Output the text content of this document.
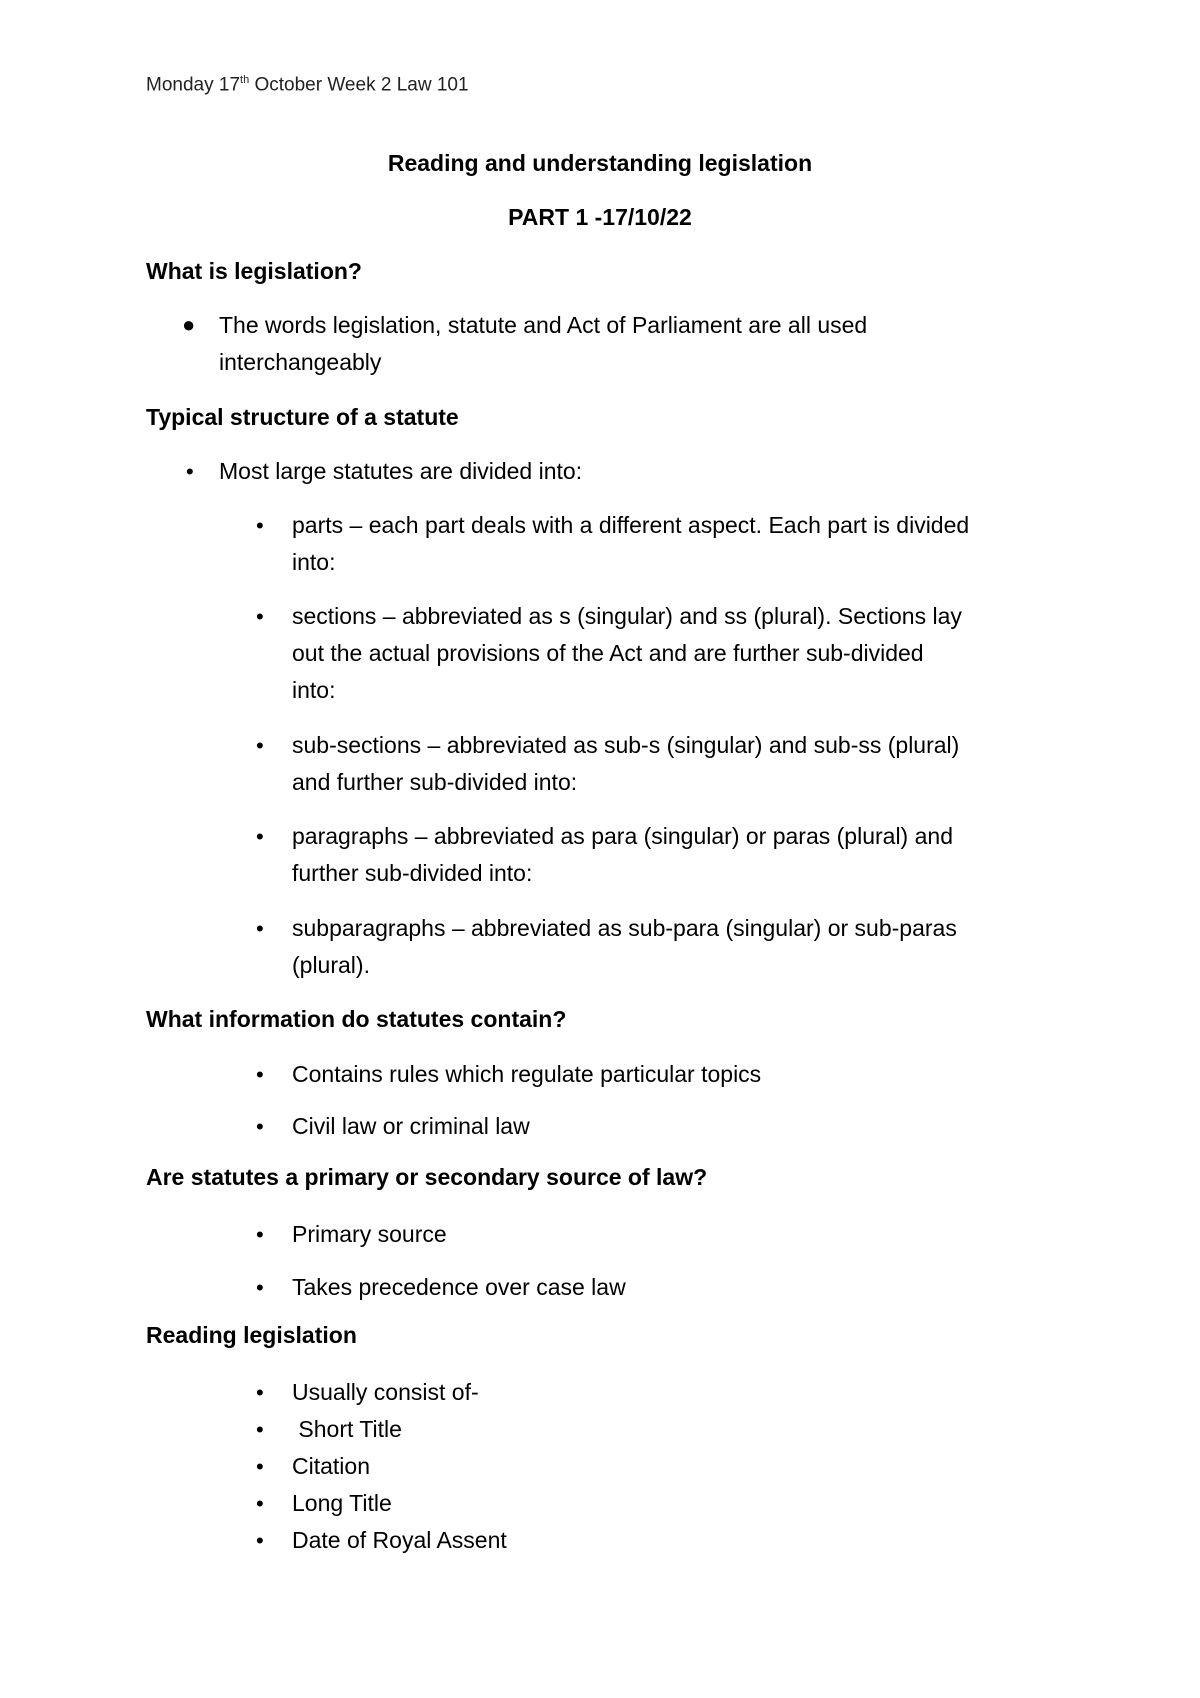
Monday 17th October Week 2 Law 101
Reading and understanding legislation
PART 1 -17/10/22
What is legislation?
● The words legislation, statute and Act of Parliament are all used
interchangeably
Typical structure of a statute
• Most large statutes are divided into:
• parts – each part deals with a different aspect. Each part is divided
into:
• sections – abbreviated as s (singular) and ss (plural). Sections lay
out the actual provisions of the Act and are further sub-divided
into:
• sub-sections – abbreviated as sub-s (singular) and sub-ss (plural)
and further sub-divided into:
• paragraphs – abbreviated as para (singular) or paras (plural) and
further sub-divided into:
• subparagraphs – abbreviated as sub-para (singular) or sub-paras
(plural).
What information do statutes contain?
• Contains rules which regulate particular topics
• Civil law or criminal law
Are statutes a primary or secondary source of law?
• Primary source
• Takes precedence over case law
Reading legislation
• Usually consist of-
• Short Title
• Citation
• Long Title
• Date of Royal Assent
